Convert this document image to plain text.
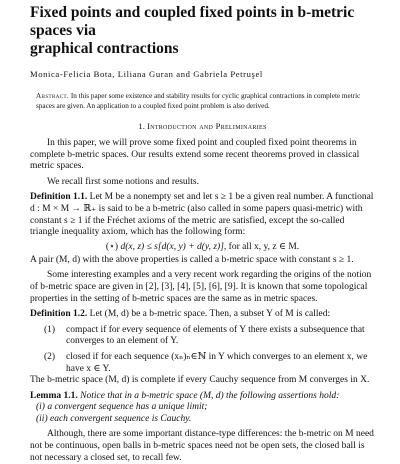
Fixed points and coupled fixed points in b-metric spaces via
graphical contractions
Monica-Felicia Bota, Liliana Guran and Gabriela Petruşel
Abstract. In this paper some existence and stability results for cyclic graphical contractions in complete metric spaces are given. An application to a coupled fixed point problem is also derived.
1. Introduction and Preliminaries

In this paper, we will prove some fixed point and coupled fixed point theorems in complete b-metric spaces. Our results extend some recent theorems proved in classical metric spaces.

We recall first some notions and results.

Definition 1.1. Let M be a nonempty set and let s ≥ 1 be a given real number. A functional d : M × M → ℝ₊ is said to be a b-metric (also called in some papers quasi-metric) with constant s ≥ 1 if the Fréchet axioms of the metric are satisfied, except the so-called triangle inequality axiom, which has the following form:
(⋆) d(x, z) ≤ s[d(x, y) + d(y, z)], for all x, y, z ∈ M.

A pair (M, d) with the above properties is called a b-metric space with constant s ≥ 1.

Some interesting examples and a very recent work regarding the origins of the notion of b-metric space are given in [2], [3], [4], [5], [6], [9]. It is known that some topological properties in the setting of b-metric spaces are the same as in metric spaces.

Definition 1.2. Let (M, d) be a b-metric space. Then, a subset Y of M is called:
(1) compact if for every sequence of elements of Y there exists a subsequence that converges to an element of Y.
(2) closed if for each sequence (xₙ)ₙ∈ℕ in Y which converges to an element x, we have x ∈ Y.

The b-metric space (M, d) is complete if every Cauchy sequence from M converges in X.

Lemma 1.1. Notice that in a b-metric space (M, d) the following assertions hold:
(i) a convergent sequence has a unique limit;
(ii) each convergent sequence is Cauchy.

Although, there are some important distance-type differences: the b-metric on M need not be continuous, open balls in b-metric spaces need not be open sets, the closed ball is not necessary a closed set, to recall few.
